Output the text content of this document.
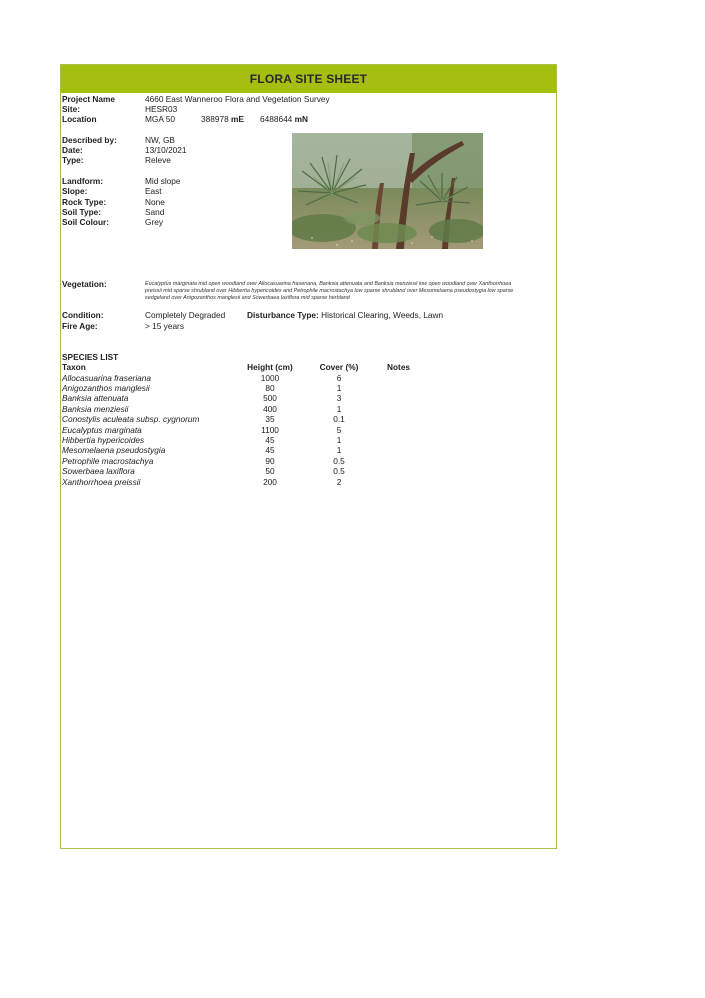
FLORA SITE SHEET
Project Name	4660 East Wanneroo Flora and Vegetation Survey
Site:	HESR03
Location	MGA 50	388978 mE 6488644 mN
Described by:	NW, GB
Date:	13/10/2021
Type:	Releve
Landform:	Mid slope
Slope:	East
Rock Type:	None
Soil Type:	Sand
Soil Colour:	Grey
Vegetation:	Eucalyptus marginata mid open woodland over Allocasuarina fraseriana, Banksia attenuata and Banksia menziesii low open woodland over Xanthorrhoea preissii mid sparse shrubland over Hibbertia hypericoides and Petrophile macrostachya low sparse shrubland over Mesomelaena pseudostygia low sparse sedgeland over Anigozanthos manglesii and Sowerbaea laxiflora mid sparse herbland
Condition:	Completely Degraded	Disturbance Type: Historical Clearing, Weeds, Lawn
Fire Age:	> 15 years
SPECIES LIST
Taxon	Height (cm)	Cover (%)	Notes
Allocasuarina fraseriana	1000	6
Anigozanthos manglesii	80	1
Banksia attenuata	500	3
Banksia menziesii	400	1
Conostylis aculeata subsp. cygnorum	35	0.1
Eucalyptus marginata	1100	5
Hibbertia hypericoides	45	1
Mesomelaena pseudostygia	45	1
Petrophile macrostachya	90	0.5
Sowerbaea laxiflora	50	0.5
Xanthorrhoea preissii	200	2
